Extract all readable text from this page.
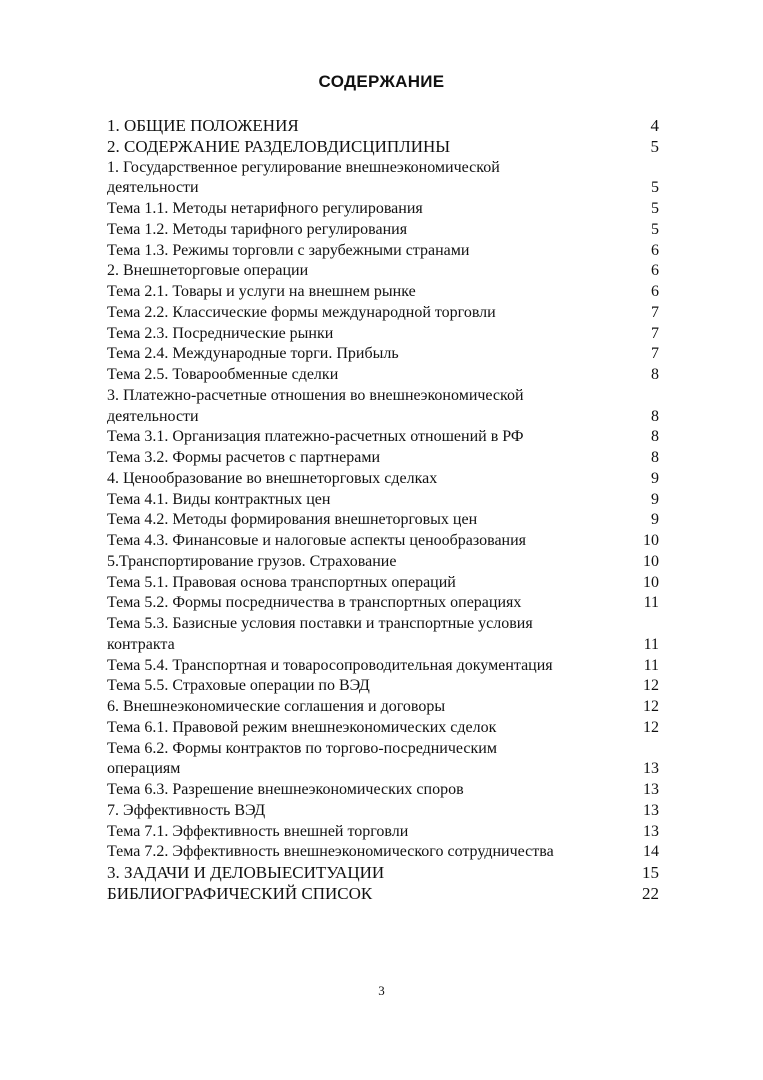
СОДЕРЖАНИЕ
1. ОБЩИЕ ПОЛОЖЕНИЯ	4
2. СОДЕРЖАНИЕ РАЗДЕЛОВДИСЦИПЛИНЫ	5
1. Государственное регулирование внешнеэкономической
деятельности	5
Тема 1.1. Методы нетарифного регулирования	5
Тема 1.2. Методы тарифного регулирования	5
Тема 1.3. Режимы торговли с зарубежными странами	6
2. Внешнеторговые операции	6
Тема 2.1. Товары и услуги на внешнем рынке	6
Тема 2.2. Классические формы международной торговли	7
Тема 2.3. Посреднические рынки	7
Тема 2.4. Международные торги. Прибыль	7
Тема 2.5. Товарообменные сделки	8
3. Платежно-расчетные отношения во внешнеэкономической
деятельности	8
Тема 3.1. Организация платежно-расчетных отношений в РФ	8
Тема 3.2. Формы расчетов с партнерами	8
4. Ценообразование во внешнеторговых сделках	9
Тема 4.1. Виды контрактных цен	9
Тема 4.2. Методы формирования внешнеторговых цен	9
Тема 4.3. Финансовые и налоговые аспекты ценообразования	10
5.Транспортирование грузов. Страхование	10
Тема 5.1. Правовая основа транспортных операций	10
Тема 5.2. Формы посредничества в транспортных операциях	11
Тема 5.3. Базисные условия поставки и транспортные условия
контракта	11
Тема 5.4. Транспортная и товаросопроводительная документация	11
Тема 5.5. Страховые операции по ВЭД	12
6. Внешнеэкономические соглашения и договоры	12
Тема 6.1. Правовой режим внешнеэкономических сделок	12
Тема 6.2. Формы контрактов по торгово-посредническим
операциям	13
Тема 6.3. Разрешение внешнеэкономических споров	13
7. Эффективность ВЭД	13
Тема 7.1. Эффективность внешней торговли	13
Тема 7.2. Эффективность внешнеэкономического сотрудничества	14
3. ЗАДАЧИ И ДЕЛОВЫЕСИТУАЦИИ	15
БИБЛИОГРАФИЧЕСКИЙ СПИСОК	22
3
